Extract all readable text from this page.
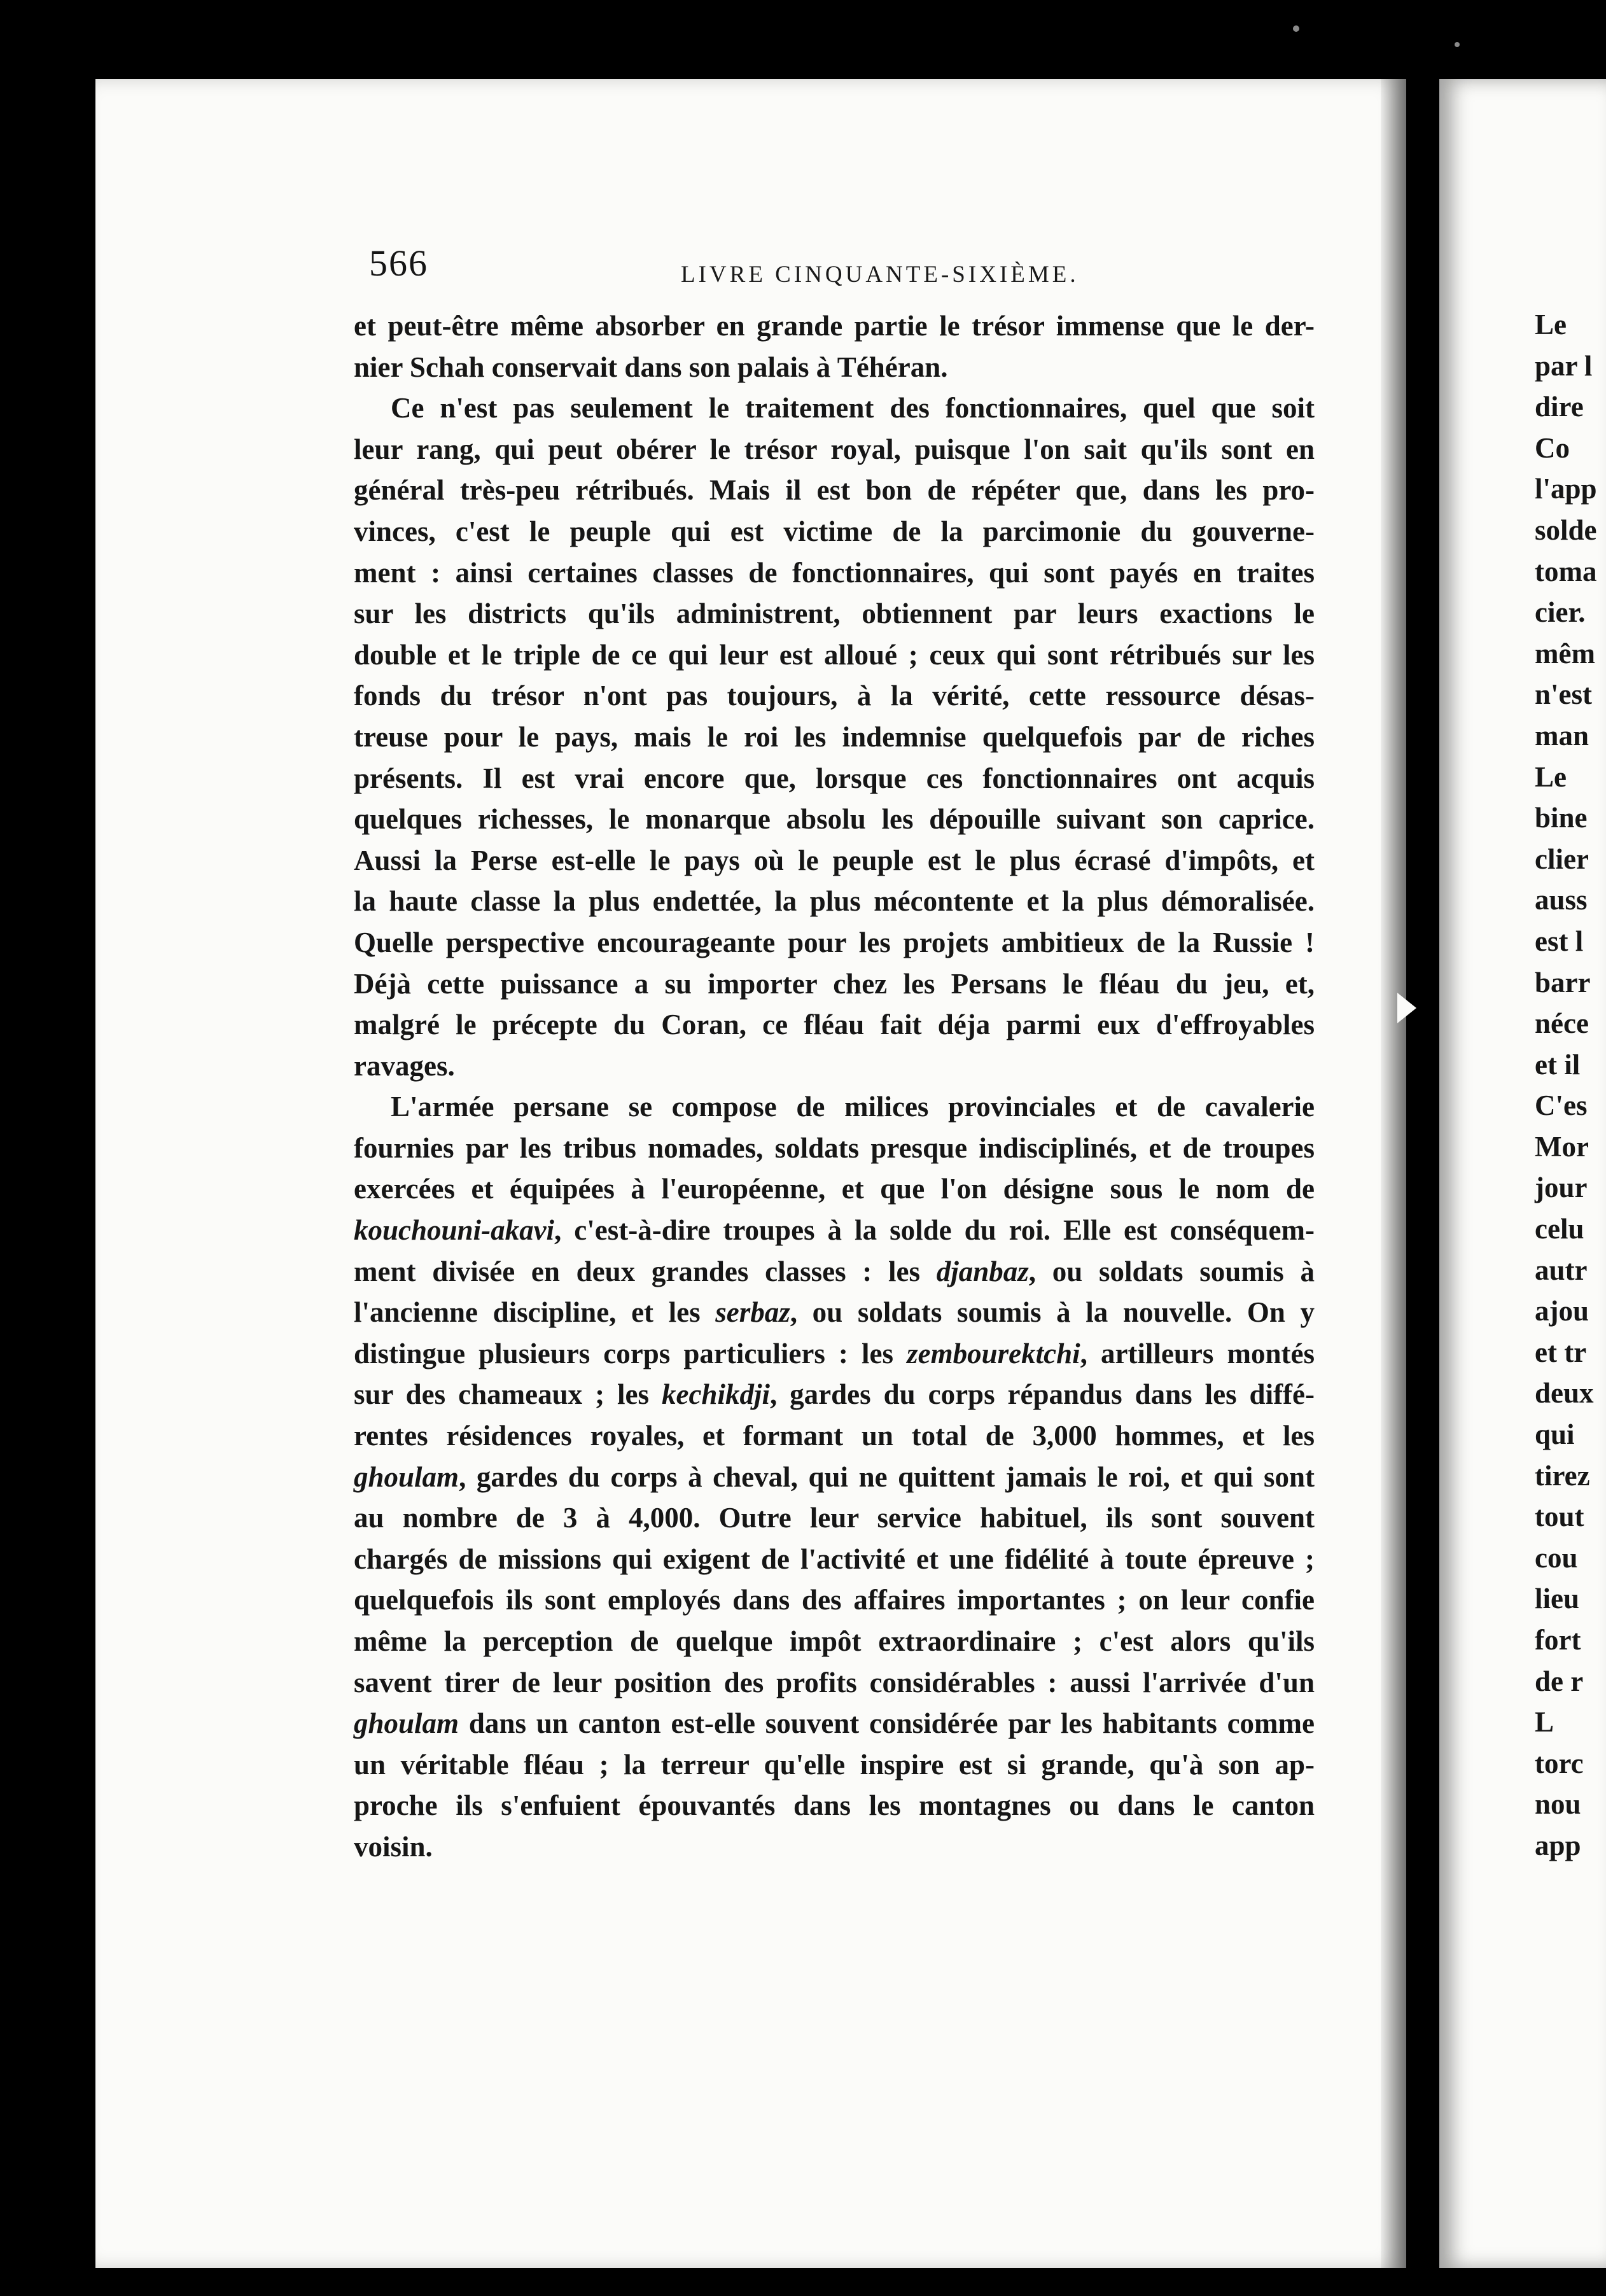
566	LIVRE CINQUANTE-SIXIÈME.
et peut-être même absorber en grande partie le trésor immense que le der-
nier Schah conservait dans son palais à Téhéran.
Ce n'est pas seulement le traitement des fonctionnaires, quel que soit
leur rang, qui peut obérer le trésor royal, puisque l'on sait qu'ils sont en
général très-peu rétribués. Mais il est bon de répéter que, dans les pro-
vinces, c'est le peuple qui est victime de la parcimonie du gouverne-
ment : ainsi certaines classes de fonctionnaires, qui sont payés en traites
sur les districts qu'ils administrent, obtiennent par leurs exactions le
double et le triple de ce qui leur est alloué ; ceux qui sont rétribués sur les
fonds du trésor n'ont pas toujours, à la vérité, cette ressource désas-
treuse pour le pays, mais le roi les indemnise quelquefois par de riches
présents. Il est vrai encore que, lorsque ces fonctionnaires ont acquis
quelques richesses, le monarque absolu les dépouille suivant son caprice.
Aussi la Perse est-elle le pays où le peuple est le plus écrasé d'impôts, et
la haute classe la plus endettée, la plus mécontente et la plus démoralisée.
Quelle perspective encourageante pour les projets ambitieux de la Russie !
Déjà cette puissance a su importer chez les Persans le fléau du jeu, et,
malgré le précepte du Coran, ce fléau fait déja parmi eux d'effroyables
ravages.
L'armée persane se compose de milices provinciales et de cavalerie
fournies par les tribus nomades, soldats presque indisciplinés, et de troupes
exercées et équipées à l'européenne, et que l'on désigne sous le nom de
kouchouni-akavi, c'est-à-dire troupes à la solde du roi. Elle est conséquem-
ment divisée en deux grandes classes : les djanbaz, ou soldats soumis à
l'ancienne discipline, et les serbaz, ou soldats soumis à la nouvelle. On y
distingue plusieurs corps particuliers : les zembourektchi, artilleurs montés
sur des chameaux ; les kechikdji, gardes du corps répandus dans les diffé-
rentes résidences royales, et formant un total de 3,000 hommes, et les
ghoulam, gardes du corps à cheval, qui ne quittent jamais le roi, et qui sont
au nombre de 3 à 4,000. Outre leur service habituel, ils sont souvent
chargés de missions qui exigent de l'activité et une fidélité à toute épreuve ;
quelquefois ils sont employés dans des affaires importantes ; on leur confie
même la perception de quelque impôt extraordinaire ; c'est alors qu'ils
savent tirer de leur position des profits considérables : aussi l'arrivée d'un
ghoulam dans un canton est-elle souvent considérée par les habitants comme
un véritable fléau ; la terreur qu'elle inspire est si grande, qu'à son ap-
proche ils s'enfuient épouvantés dans les montagnes ou dans le canton
voisin.
Le
par l
dire
Co
l'app
solde
toma
cier.
mêm
n'est
man
Le
bine
clier
auss
est l
barr
néce
et il
C'es
Mor
jour
celu
autr
ajou
et tr
deux
qui
tirez
tout
cou
lieu
fort
de r
L
torc
nou
app
